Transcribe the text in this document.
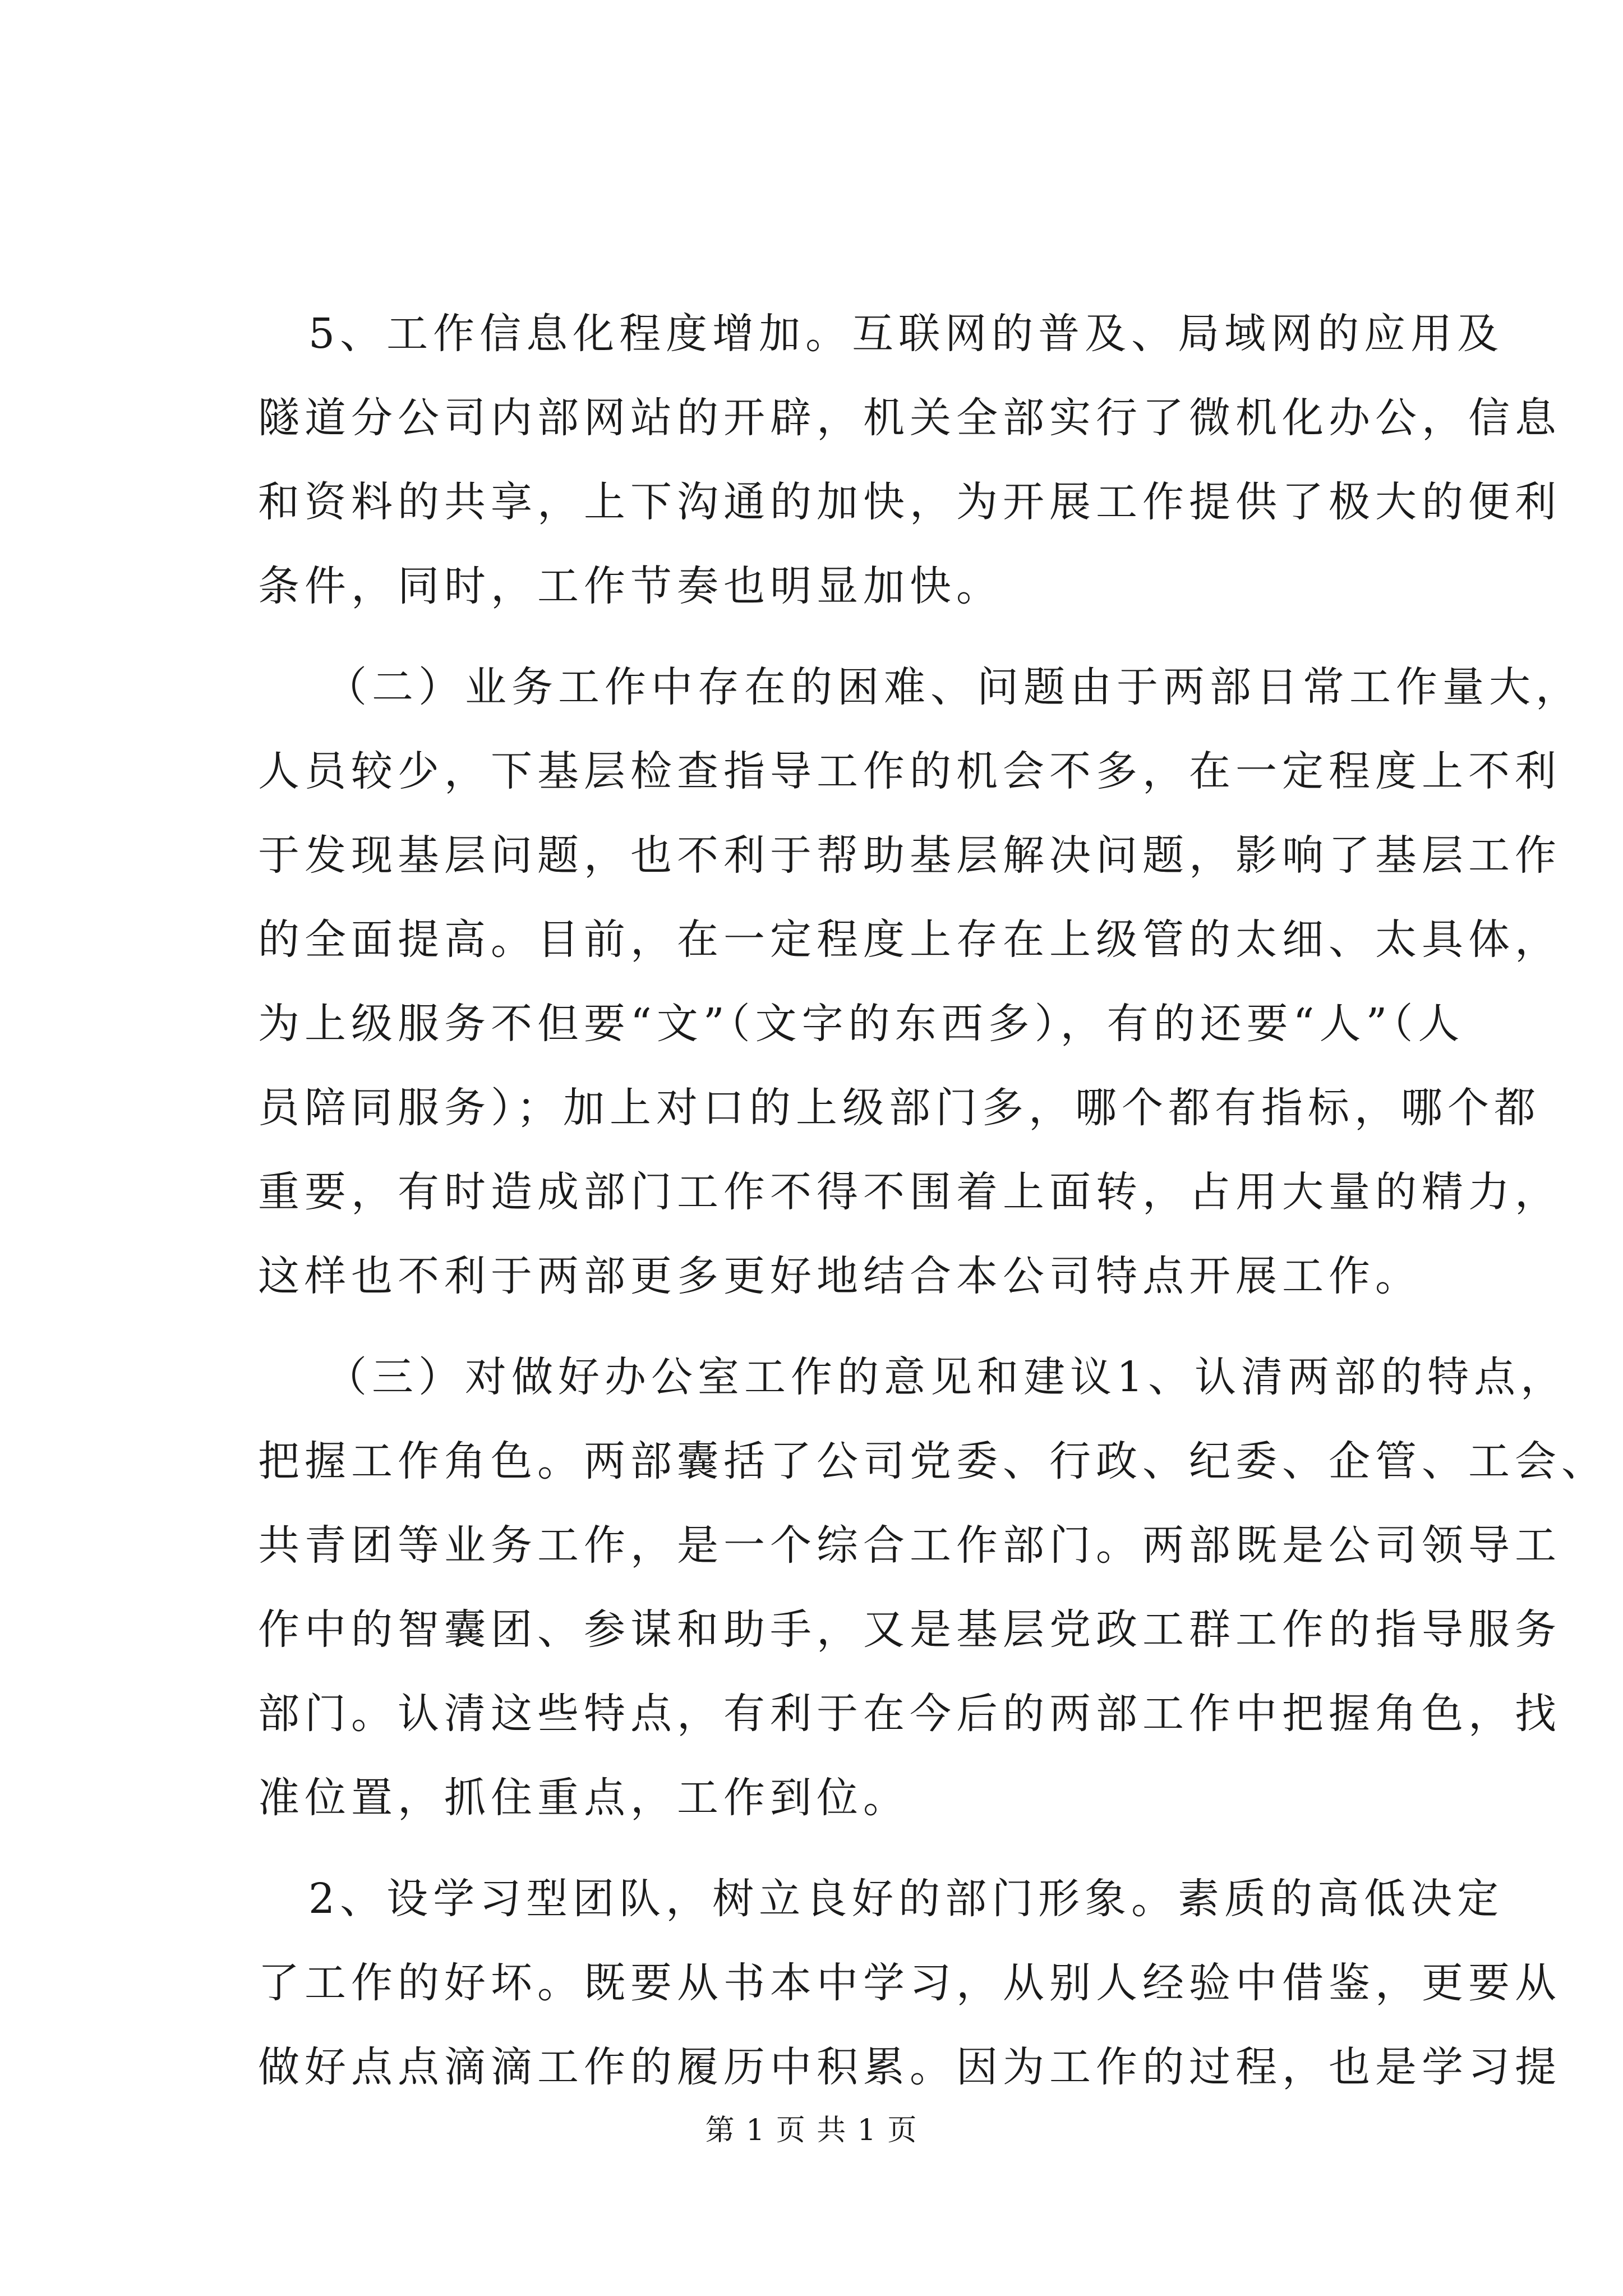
5、工作信息化程度增加。互联网的普及、局域网的应用及
隧道分公司内部网站的开辟，机关全部实行了微机化办公，信息
和资料的共享，上下沟通的加快，为开展工作提供了极大的便利
条件，同时，工作节奏也明显加快。
（二）业务工作中存在的困难、问题由于两部日常工作量大，
人员较少，下基层检查指导工作的机会不多，在一定程度上不利
于发现基层问题，也不利于帮助基层解决问题，影响了基层工作
的全面提高。目前，在一定程度上存在上级管的太细、太具体，
为上级服务不但要“文”（文字的东西多），有的还要“人”（人
员陪同服务）；加上对口的上级部门多，哪个都有指标，哪个都
重要，有时造成部门工作不得不围着上面转，占用大量的精力，
这样也不利于两部更多更好地结合本公司特点开展工作。
（三）对做好办公室工作的意见和建议1、认清两部的特点，
把握工作角色。两部囊括了公司党委、行政、纪委、企管、工会、
共青团等业务工作，是一个综合工作部门。两部既是公司领导工
作中的智囊团、参谋和助手，又是基层党政工群工作的指导服务
部门。认清这些特点，有利于在今后的两部工作中把握角色，找
准位置，抓住重点，工作到位。
2、设学习型团队，树立良好的部门形象。素质的高低决定
了工作的好坏。既要从书本中学习，从别人经验中借鉴，更要从
做好点点滴滴工作的履历中积累。因为工作的过程，也是学习提
第 1 页 共 1 页
